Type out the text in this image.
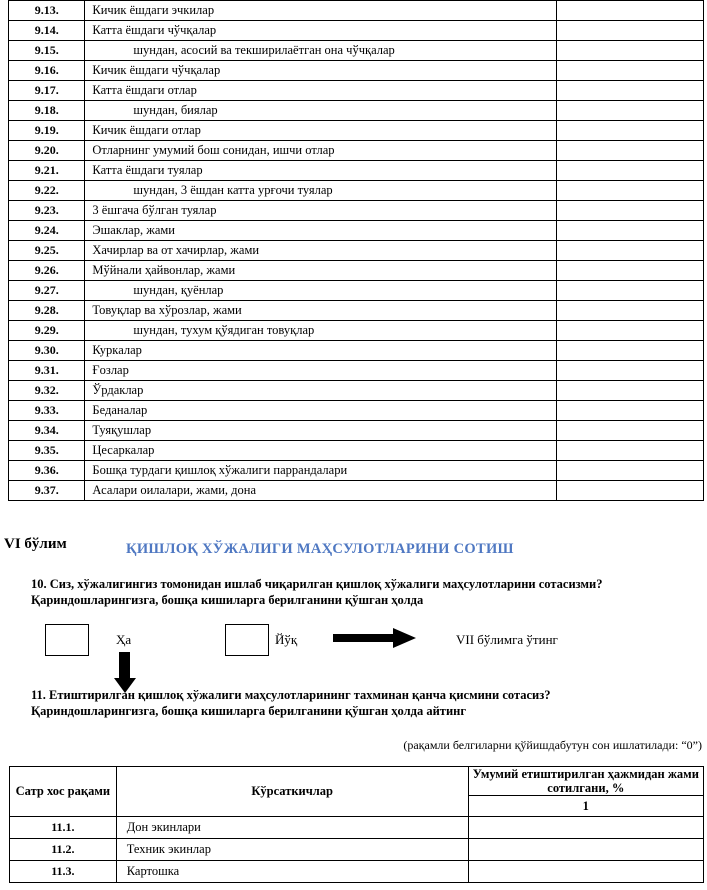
9.13.	Кичик ёшдаги эчкилар	
9.14.	Катта ёшдаги чўчқалар	
9.15.	шундан, асосий ва текширилаётган она чўчқалар	
9.16.	Кичик ёшдаги чўчқалар	
9.17.	Катта ёшдаги отлар	
9.18.	шундан, биялар	
9.19.	Кичик ёшдаги отлар	
9.20.	Отларнинг умумий бош сонидан, ишчи отлар	
9.21.	Катта ёшдаги туялар	
9.22.	шундан, 3 ёшдан катта урғочи туялар	
9.23.	3 ёшгача бўлган туялар	
9.24.	Эшаклар, жами	
9.25.	Хачирлар ва от хачирлар, жами	
9.26.	Мўйнали ҳайвонлар, жами	
9.27.	шундан, қуёнлар	
9.28.	Товуқлар ва хўрозлар, жами	
9.29.	шундан, тухум қўядиган товуқлар	
9.30.	Куркалар	
9.31.	Ғозлар	
9.32.	Ўрдаклар	
9.33.	Беданалар	
9.34.	Туяқушлар	
9.35.	Цесаркалар	
9.36.	Бошқа турдаги қишлоқ хўжалиги паррандалари	
9.37.	Асалари оилалари, жами, дона	
VI бўлим	ҚИШЛОҚ ХЎЖАЛИГИ МАҲСУЛОТЛАРИНИ СОТИШ
10. Сиз, хўжалигингиз томонидан ишлаб чиқарилган қишлоқ хўжалиги маҳсулотларини сотасизми?
Қариндошларингизга, бошқа кишиларга берилганини қўшган ҳолда
Ҳа	Йўқ	VII бўлимга ўтинг
11. Етиштирилган қишлоқ хўжалиги маҳсулотларининг тахминан қанча қисмини сотасиз?
Қариндошларингизга, бошқа кишиларга берилганини қўшган ҳолда айтинг
(рақамли белгиларни қўйишдабутун сон ишлатилади: “0”)
Сатр хос рақами	Кўрсаткичлар	Умумий етиштирилган ҳажмидан жами сотилгани, %
		1
11.1.	Дон экинлари	
11.2.	Техник экинлар	
11.3.	Картошка	
